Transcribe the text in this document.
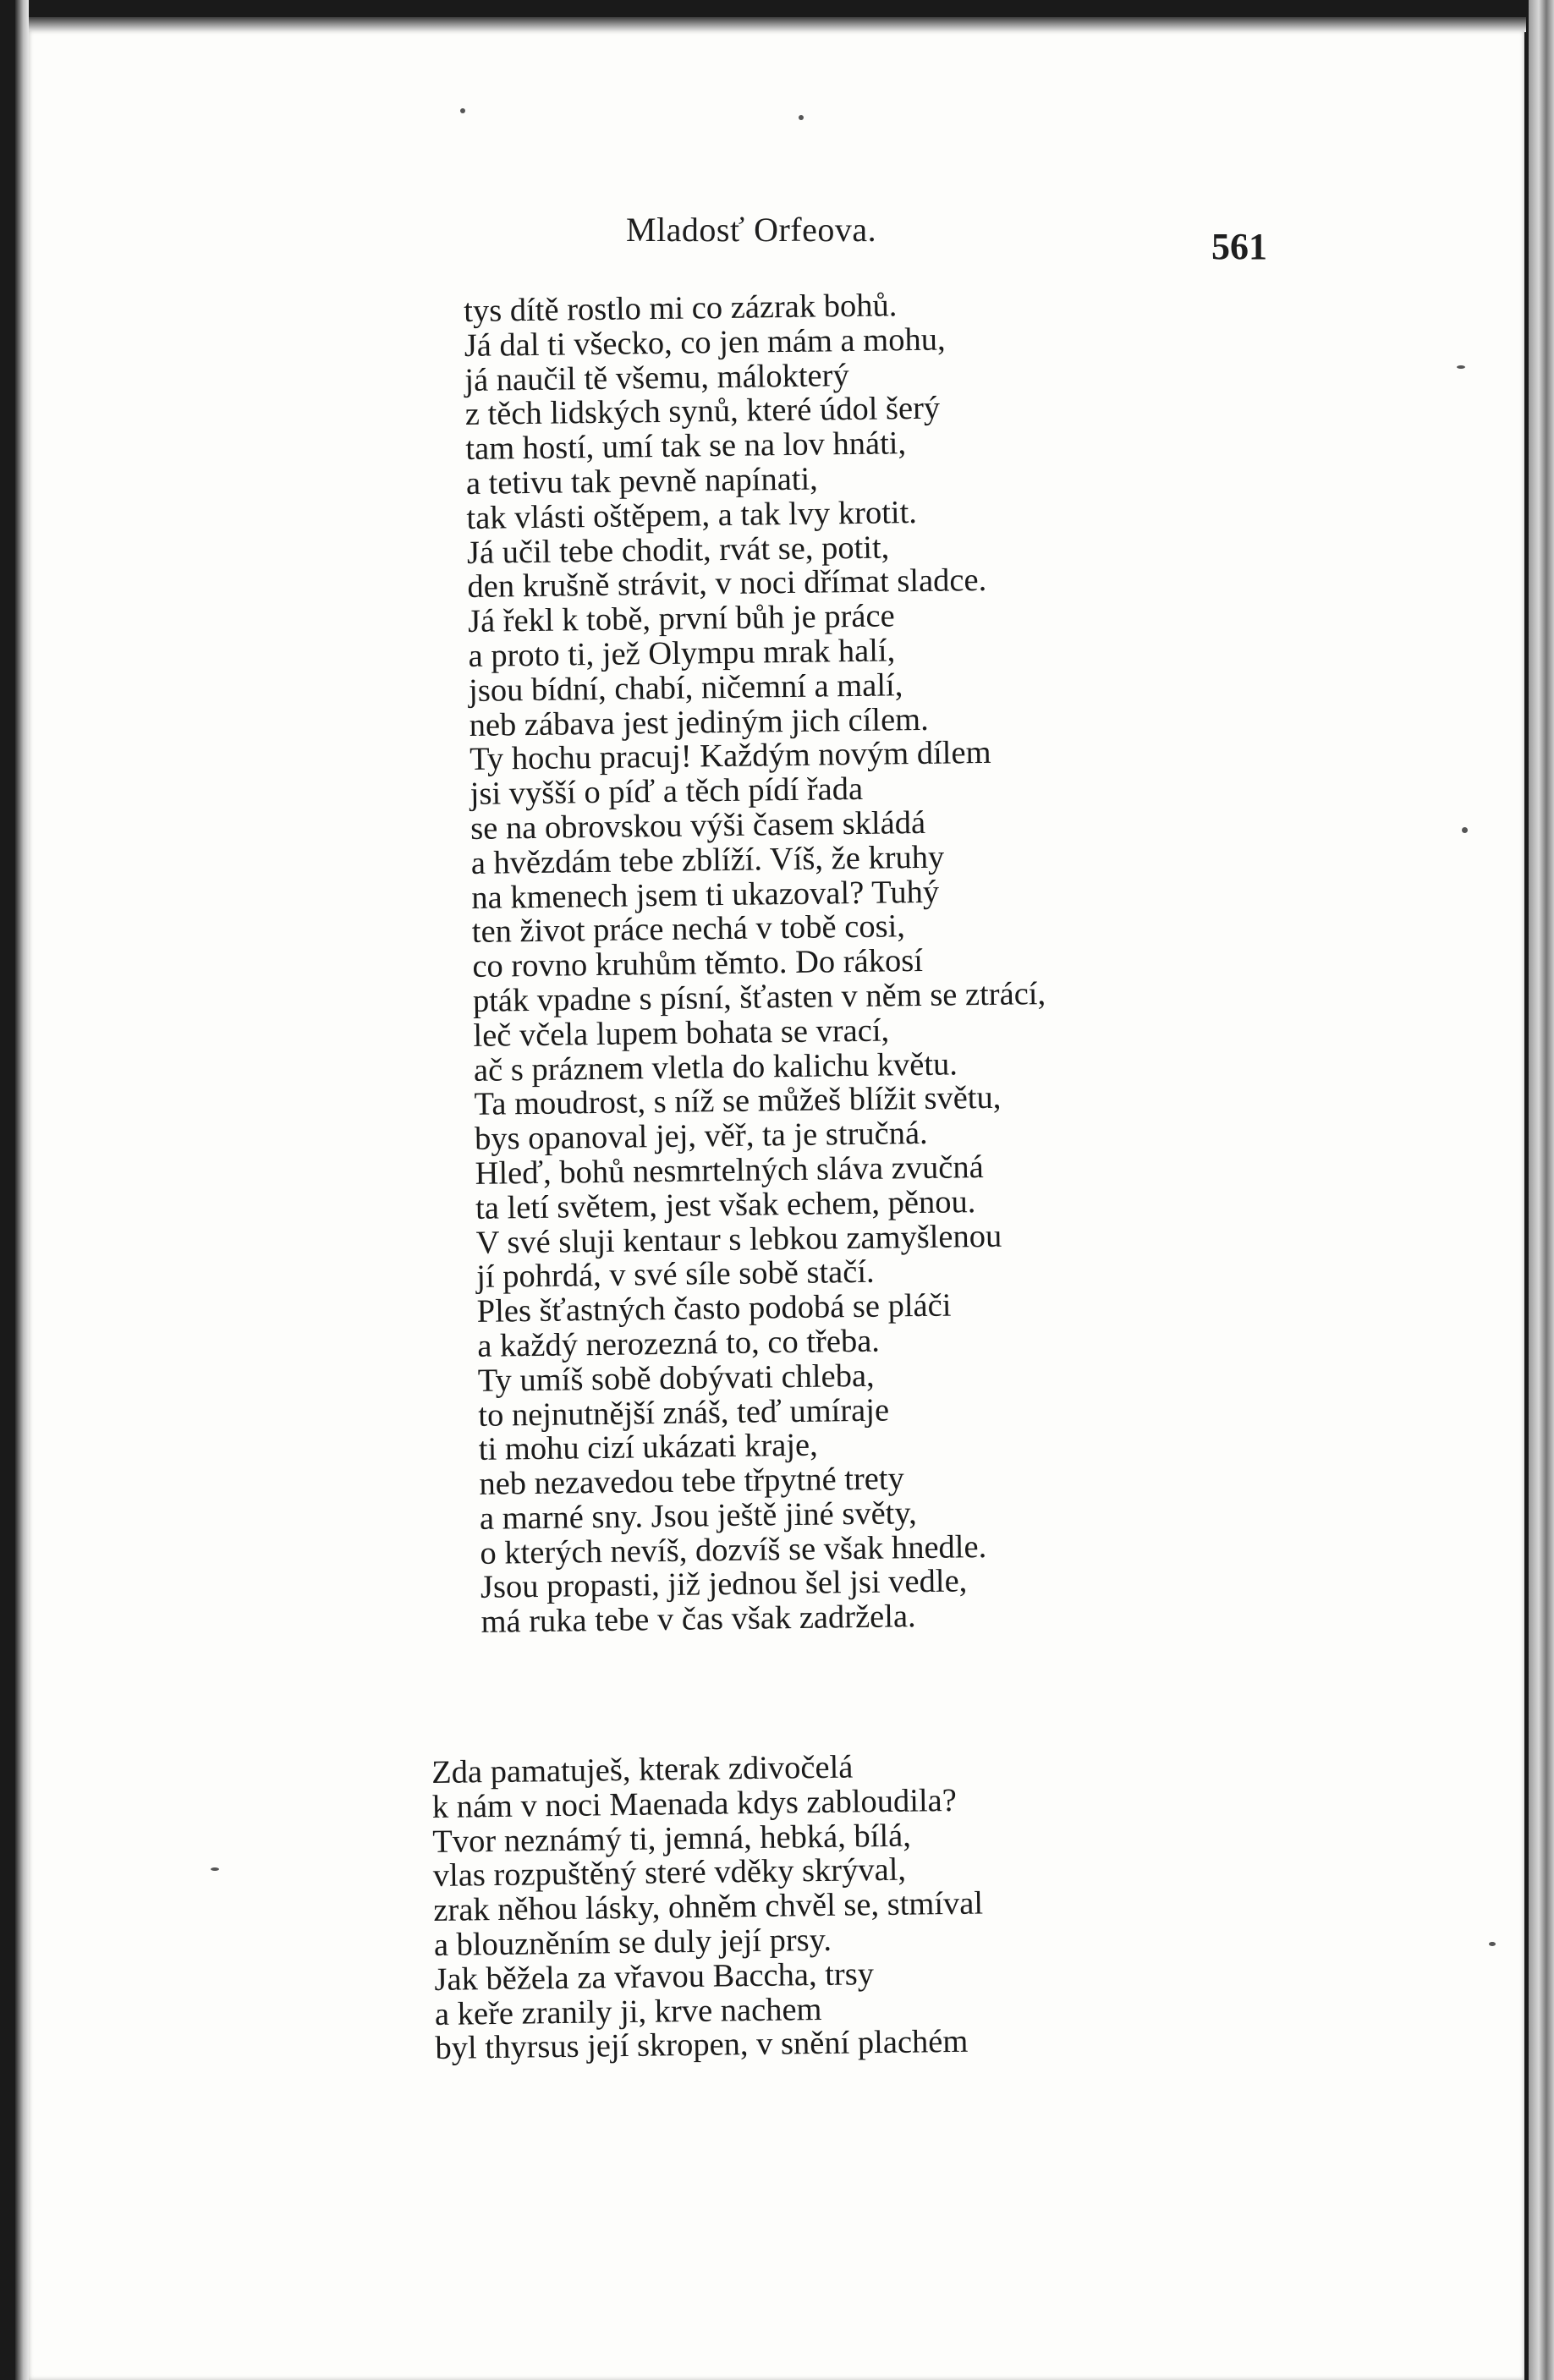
Mladosť Orfeova.	561
tys dítě rostlo mi co zázrak bohů.
Já dal ti všecko, co jen mám a mohu,
já naučil tě všemu, málokterý
z těch lidských synů, které údol šerý
tam hostí, umí tak se na lov hnáti,
a tetivu tak pevně napínati,
tak vlásti oštěpem, a tak lvy krotit.
Já učil tebe chodit, rvát se, potit,
den krušně strávit, v noci dřímat sladce.
Já řekl k tobě, první bůh je práce
a proto ti, jež Olympu mrak halí,
jsou bídní, chabí, ničemní a malí,
neb zábava jest jediným jich cílem.
Ty hochu pracuj! Každým novým dílem
jsi vyšší o píď a těch pídí řada
se na obrovskou výši časem skládá
a hvězdám tebe zblíží. Víš, že kruhy
na kmenech jsem ti ukazoval? Tuhý
ten život práce nechá v tobě cosi,
co rovno kruhům těmto. Do rákosí
pták vpadne s písní, šťasten v něm se ztrácí,
leč včela lupem bohata se vrací,
ač s práznem vletla do kalichu květu.
Ta moudrost, s níž se můžeš blížit světu,
bys opanoval jej, věř, ta je stručná.
Hleď, bohů nesmrtelných sláva zvučná
ta letí světem, jest však echem, pěnou.
V své sluji kentaur s lebkou zamyšlenou
jí pohrdá, v své síle sobě stačí.
Ples šťastných často podobá se pláči
a každý nerozezná to, co třeba.
Ty umíš sobě dobývati chleba,
to nejnutnější znáš, teď umíraje
ti mohu cizí ukázati kraje,
neb nezavedou tebe třpytné trety
a marné sny. Jsou ještě jiné světy,
o kterých nevíš, dozvíš se však hnedle.
Jsou propasti, již jednou šel jsi vedle,
má ruka tebe v čas však zadržela.
Zda pamatuješ, kterak zdivočelá
k nám v noci Maenada kdys zabloudila?
Tvor neznámý ti, jemná, hebká, bílá,
vlas rozpuštěný steré vděky skrýval,
zrak něhou lásky, ohněm chvěl se, stmíval
a blouzněním se duly její prsy.
Jak běžela za vřavou Baccha, trsy
a keře zranily ji, krve nachem
byl thyrsus její skropen, v snění plachém
